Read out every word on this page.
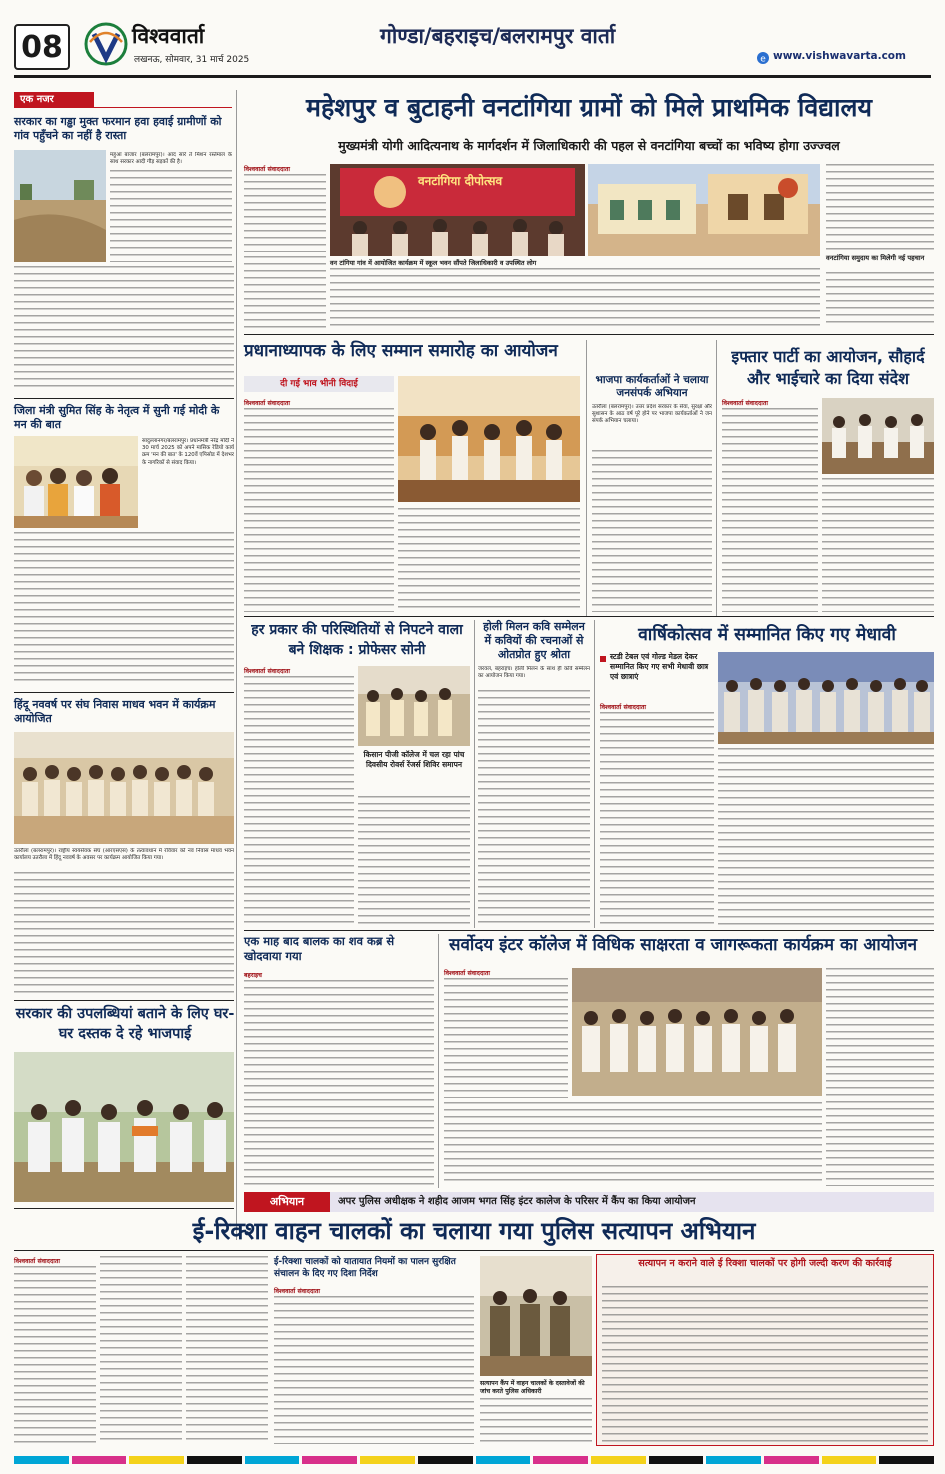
08	विश्ववार्ता
लखनऊ, सोमवार, 31 मार्च 2025
गोण्डा/बहराइच/बलरामपुर वार्ता
e www.vishwavarta.com
एक नजर
सरकार का गड्ढा मुक्त फरमान हवा हवाई ग्रामीणों को गांव पहुँचने का नहीं है रास्ता
महुआ बाजार (बलरामपुर)। आद सारे ते मिशन रस्तेमाल के साथ सरकार आदी गौड़ सड़कों की है।
जिला मंत्री सुमित सिंह के नेतृत्व में सुनी गई मोदी के मन की बात
सादुल्लानगर/बलरामपुर। प्रधानमंत्री नरेंद्र मोदी ने 30 मार्च 2025 को अपने मासिक रेडियो कार्यक्रम 'मन की बात' के 120वें एपिसोड में देशभर के नागरिकों से संवाद किया।
हिंदू नववर्ष पर संघ निवास माधव भवन में कार्यक्रम आयोजित
उतरौला (बलरामपुर)। राष्ट्रीय स्वयंसेवक संघ (आरएसएस) के तत्वावधान में रविवार को नव निवास माधव भवन कार्यालय उतरौला में हिंदू नववर्ष के अवसर पर कार्यक्रम आयोजित किया गया।
सरकार की उपलब्धियां बताने के लिए घर-घर दस्तक दे रहे भाजपाई
महेशपुर व बुटाहनी वनटांगिया ग्रामों को मिले प्राथमिक विद्यालय
मुख्यमंत्री योगी आदित्यनाथ के मार्गदर्शन में जिलाधिकारी की पहल से वनटांगिया बच्चों का भविष्य होगा उज्ज्वल
विश्ववार्ता संवाददाता
वनटांगिया दीपोत्सव
वन टांगिया गांव में आयोजित कार्यक्रम में स्कूल भवन सौंपते जिलाधिकारी व उपस्थित लोग
वनटांगिया समुदाय का मिलेगी नई पहचान
प्रधानाध्यापक के लिए सम्मान समारोह का आयोजन
दी गई भाव भीनी विदाई
विश्ववार्ता संवाददाता
भाजपा कार्यकर्ताओं ने चलाया जनसंपर्क अभियान
उतरौला (बलरामपुर)। उत्तर प्रदेश सरकार के सेवा, सुरक्षा और सुशासन के आठ वर्ष पूरे होने पर भाजपा कार्यकर्ताओं ने जनसंपर्क अभियान चलाया।
इफ्तार पार्टी का आयोजन, सौहार्द और भाईचारे का दिया संदेश
विश्ववार्ता संवाददाता
हर प्रकार की परिस्थितियों से निपटने वाला बने शिक्षक : प्रोफेसर सोनी
विश्ववार्ता संवाददाता
किसान पीजी कॉलेज में चल रहा पांच दिवसीय रोवर्स रेंजर्स शिविर समापन
होली मिलन कवि सम्मेलन में कवियों की रचनाओं से ओतप्रोत हुए श्रोता
जरवल, बहराइच। होली मिलन के साथ ही कवि सम्मेलन का आयोजन किया गया।
वार्षिकोत्सव में सम्मानित किए गए मेधावी
स्टडी टेबल एवं गोल्ड मेडल देकर सम्मानित किए गए सभी मेधावी छात्र एवं छात्राएं
विश्ववार्ता संवाददाता
एक माह बाद बालक का शव कब्र से खोदवाया गया
बहराइच
सर्वोदय इंटर कॉलेज में विधिक साक्षरता व जागरूकता कार्यक्रम का आयोजन
विश्ववार्ता संवाददाता
अभियान	अपर पुलिस अधीक्षक ने शहीद आजम भगत सिंह इंटर कालेज के परिसर में कैंप का किया आयोजन
ई-रिक्शा वाहन चालकों का चलाया गया पुलिस सत्यापन अभियान
विश्ववार्ता संवाददाता	ई-रिक्शा चालकों को यातायात नियमों का पालन सुरक्षित संचालन के दिए गए दिशा निर्देश
विश्ववार्ता संवाददाता
सत्यापन कैंप में वाहन चालकों के दस्तावेजों की जांच करते पुलिस अधिकारी
सत्यापन न कराने वाले ई रिक्शा चालकों पर होगी जल्दी करण की कार्रवाई
